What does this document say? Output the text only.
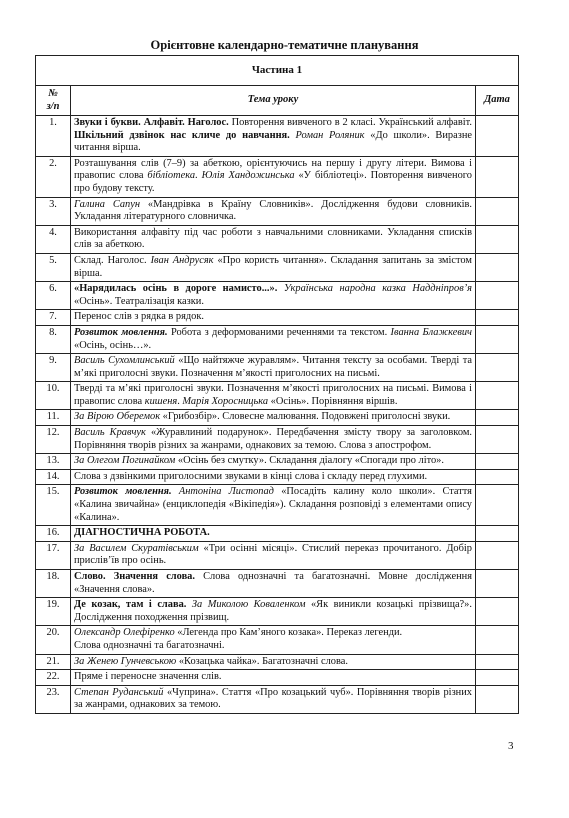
Орієнтовне календарно-тематичне планування
Частина 1		
№
з/п	Тема уроку	Дата
1.	Звуки і букви. Алфавіт. Наголос. Повторення вивченого в 2 класі. Український алфавіт. Шкільний дзвінок нас кличе до навчання. Роман Роляник «До школи». Виразне читання вірша.	
2.	Розташування слів (7–9) за абеткою, орієнтуючись на першу і другу літери. Вимова і правопис слова бібліотека. Юлія Хандожинська «У бібліотеці». Повторення вивченого про будову тексту.	
3.	Галина Сапун «Мандрівка в Країну Словників». Дослідження будови словників. Укладання літературного словничка.	
4.	Використання алфавіту під час роботи з навчальними словниками. Укладання списків слів за абеткою.	
5.	Склад. Наголос. Іван Андрусяк «Про користь читання». Складання запитань за змістом вірша.	
6.	«Нарядилась осінь в дороге намисто...». Українська народна казка Наддніпров’я «Осінь». Театралізація казки.	
7.	Перенос слів з рядка в рядок.	
8.	Розвиток мовлення. Робота з деформованими реченнями та текстом. Іванна Блажкевич «Осінь, осінь…».	
9.	Василь Сухомлинський «Що найтяжче журавлям». Читання тексту за особами. Тверді та м’які приголосні звуки. Позначення м’якості приголосних на письмі.	
10.	Тверді та м’які приголосні звуки. Позначення м’якості приголосних на письмі. Вимова і правопис слова кишеня. Марія Хоросницька «Осінь». Порівняння віршів.	
11.	За Вірою Оберемок «Грибозбір». Словесне малювання. Подовжені приголосні звуки.	
12.	Василь Кравчук «Журавлиний подарунок». Передбачення змісту твору за заголовком. Порівняння творів різних за жанрами, однакових за темою. Слова з апострофом.	
13.	За Олегом Погинайком «Осінь без смутку». Складання діалогу «Спогади про літо».	
14.	Слова з дзвінкими приголосними звуками в кінці слова і складу перед глухими.	
15.	Розвиток мовлення. Антоніна Листопад «Посадіть калину коло школи». Стаття «Калина звичайна» (енциклопедія «Вікіпедія»). Складання розповіді з елементами опису «Калина».	
16.	ДІАГНОСТИЧНА РОБОТА.	
17.	За Василем Скуратівським «Три осінні місяці». Стислий переказ прочитаного. Добір прислів’їв про осінь.	
18.	Слово. Значення слова. Слова однозначні та багатозначні. Мовне дослідження «Значення слова».	
19.	Де козак, там і слава. За Миколою Коваленком «Як виникли козацькі прізвища?». Дослідження походження прізвищ.	
20.	Олександр Олефіренко «Легенда про Кам’яного козака». Переказ легенди.
Слова однозначні та багатозначні.	
21.	За Женею Гунчевською «Козацька чайка». Багатозначні слова.	
22.	Пряме і переносне значення слів.	
23.	Степан Руданський «Чуприна». Стаття «Про козацький чуб». Порівняння творів різних за жанрами, однакових за темою.	
3
